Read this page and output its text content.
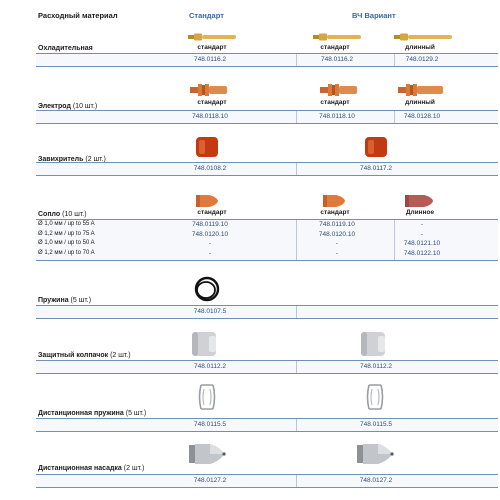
Расходный материал	Стандарт	ВЧ Вариант
Охладительная	стандарт	стандарт	длинный
748.0116.2	748.0116.2	748.0129.2
Электрод (10 шт.)
стандарт	стандарт	длинный
748.0118.10	748.0118.10	748.0128.10
Завихритель (2 шт.)
748.0108.2	748.0117.2
Сопло (10 шт.)	стандарт	стандарт	Длинное
Ø 1,0 мм / up to 55 A	748.0119.10	748.0119.10	-
Ø 1,2 мм / up to 75 A	748.0120.10	748.0120.10	-
Ø 1,0 мм / up to 50 A	-	-	748.0121.10
Ø 1,2 мм / up to 70 A	-	-	748.0122.10
Пружина (5 шт.)
748.0107.5
Защитный колпачок (2 шт.)
748.0112.2	748.0112.2
Дистанционная пружина (5 шт.)
748.0115.5	748.0115.5
Дистанционная насадка (2 шт.)
748.0127.2	748.0127.2
